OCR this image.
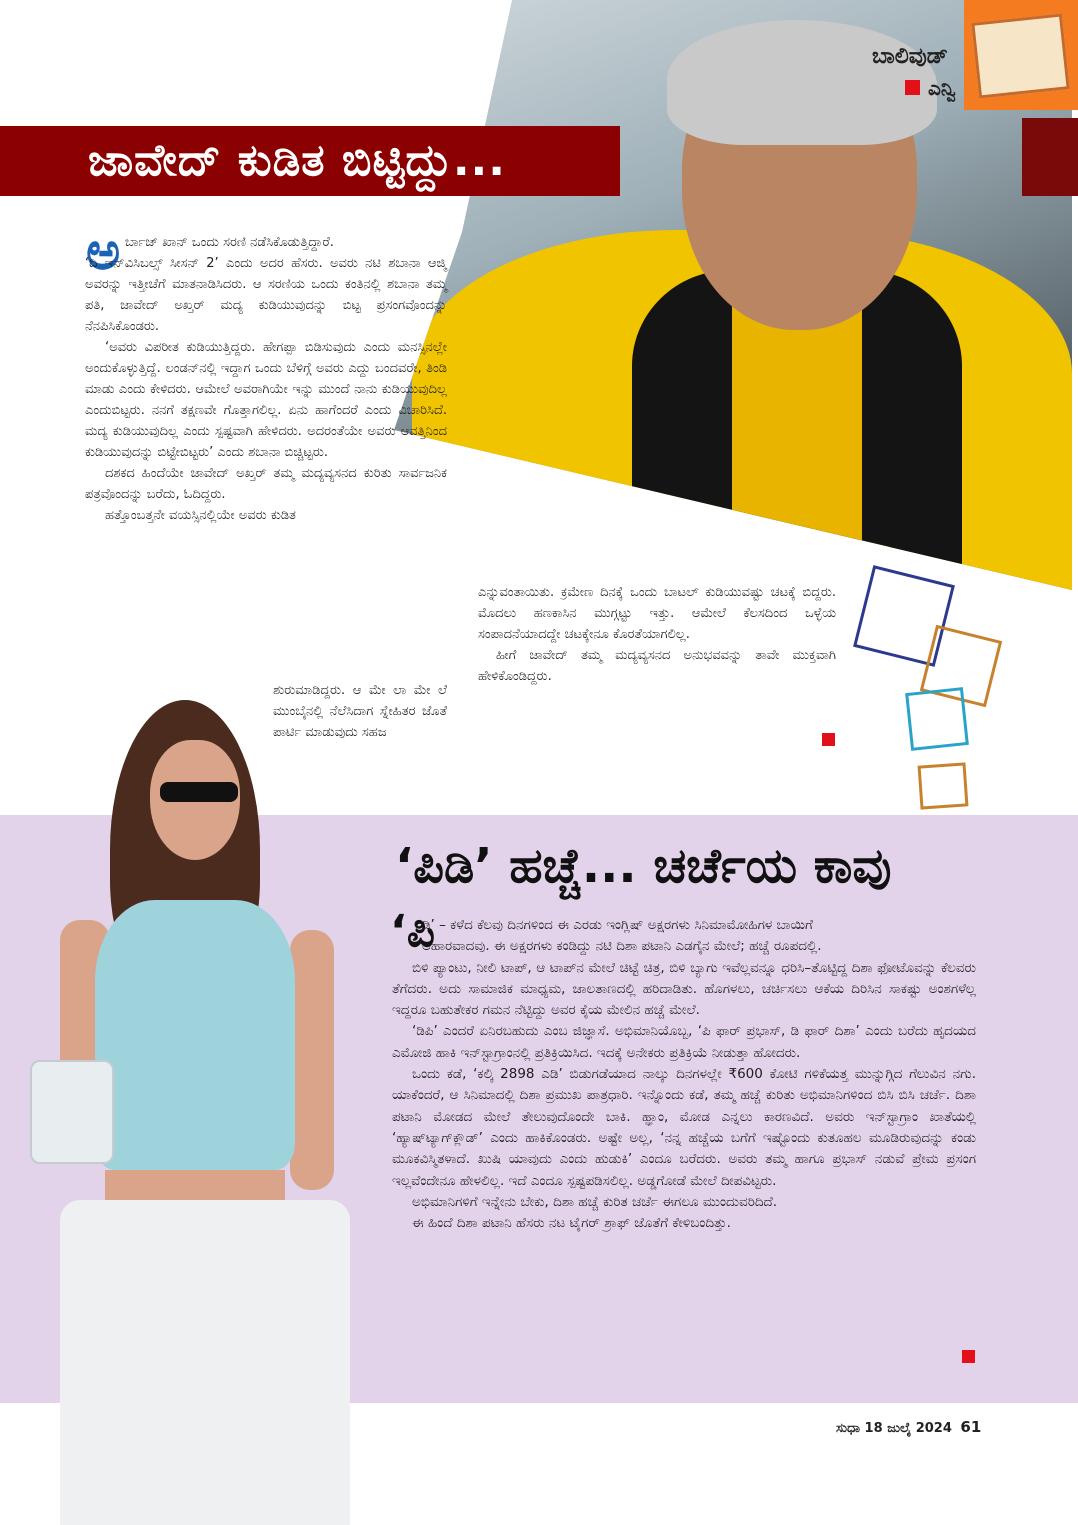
ಬಾಲಿವುಡ್
ಎನ್ವಿ
ಜಾವೇದ್ ಕುಡಿತ ಬಿಟ್ಟಿದ್ದು...
ಅ ರ್ಬಾಜ್ ಖಾನ್ ಒಂದು ಸರಣಿ ನಡೆಸಿಕೊಡುತ್ತಿದ್ದಾರೆ.
‘ದಿ ಇನ್‌ವಿಸಿಬಲ್ಸ್ ಸೀಸನ್ 2’ ಎಂದು ಅದರ ಹೆಸರು. ಅವರು ನಟಿ ಶಬಾನಾ ಆಜ್ಮಿ ಅವರನ್ನು ಇತ್ತೀಚೆಗೆ ಮಾತನಾಡಿಸಿದರು. ಆ ಸರಣಿಯ ಒಂದು ಕಂತಿನಲ್ಲಿ ಶಬಾನಾ ತಮ್ಮ ಪತಿ, ಜಾವೇದ್ ಅಖ್ತರ್ ಮದ್ಯ ಕುಡಿಯುವುದನ್ನು ಬಿಟ್ಟ ಪ್ರಸಂಗವೊಂದನ್ನು ನೆನಪಿಸಿಕೊಂಡರು.

‘ಅವರು ವಿಪರೀತ ಕುಡಿಯುತ್ತಿದ್ದರು. ಹೇಗಪ್ಪಾ ಬಿಡಿಸುವುದು ಎಂದು ಮನಸ್ಸಿನಲ್ಲೇ ಅಂದುಕೊಳ್ಳುತ್ತಿದ್ದೆ. ಲಂಡನ್‌ನಲ್ಲಿ ಇದ್ದಾಗ ಒಂದು ಬೆಳಿಗ್ಗೆ ಅವರು ಎದ್ದು ಬಂದವರೇ, ತಿಂಡಿ ಮಾಡು ಎಂದು ಕೇಳಿದರು. ಆಮೇಲೆ ಅವರಾಗಿಯೇ ಇನ್ನು ಮುಂದೆ ನಾನು ಕುಡಿಯುವುದಿಲ್ಲ ಎಂದುಬಿಟ್ಟರು. ನನಗೆ ತಕ್ಷಣವೇ ಗೊತ್ತಾಗಲಿಲ್ಲ. ಏನು ಹಾಗೆಂದರೆ ಎಂದು ವಿಚಾರಿಸಿದೆ. ಮದ್ಯ ಕುಡಿಯುವುದಿಲ್ಲ ಎಂದು ಸ್ಪಷ್ಟವಾಗಿ ಹೇಳಿದರು. ಅದರಂತೆಯೇ ಅವರು ಆವತ್ತಿನಿಂದ ಕುಡಿಯುವುದನ್ನು ಬಿಟ್ಟೇಬಿಟ್ಟರು’ ಎಂದು ಶಬಾನಾ ಬಿಚ್ಚಿಟ್ಟರು.

ದಶಕದ ಹಿಂದೆಯೇ ಜಾವೇದ್ ಅಖ್ತರ್ ತಮ್ಮ ಮದ್ಯವ್ಯಸನದ ಕುರಿತು ಸಾರ್ವಜನಿಕ ಪತ್ರವೊಂದನ್ನು ಬರೆದು, ಓದಿದ್ದರು.

ಹತ್ತೊಂಬತ್ತನೇ ವಯಸ್ಸಿನಲ್ಲಿಯೇ ಅವರು ಕುಡಿತ

ಶುರುಮಾಡಿದ್ದರು. ಆ ಮೇ ಲಾ ಮೇ ಲೆ ಮುಂಬೈನಲ್ಲಿ ನೆಲೆಸಿದಾಗ ಸ್ನೇಹಿತರ ಜೊತೆ ಪಾರ್ಟಿ ಮಾಡುವುದು ಸಹಜ

ಎನ್ನುವಂತಾಯಿತು. ಕ್ರಮೇಣ ದಿನಕ್ಕೆ ಒಂದು ಬಾಟಲ್ ಕುಡಿಯುವಷ್ಟು ಚಟಕ್ಕೆ ಬಿದ್ದರು. ಮೊದಲು ಹಣಕಾಸಿನ ಮುಗ್ಗಟ್ಟು ಇತ್ತು. ಆಮೇಲೆ ಕೆಲಸದಿಂದ ಒಳ್ಳೆಯ ಸಂಪಾದನೆಯಾದದ್ದೇ ಚಟಕ್ಕೇನೂ ಕೊರತೆಯಾಗಲಿಲ್ಲ.

ಹೀಗೆ ಜಾವೇದ್ ತಮ್ಮ ಮದ್ಯವ್ಯಸನದ ಅನುಭವವನ್ನು ತಾವೇ ಮುಕ್ತವಾಗಿ ಹೇಳಿಕೊಂಡಿದ್ದರು.

‘ಪಿಡಿ’ ಹಚ್ಚೆ... ಚರ್ಚೆಯ ಕಾವು
‘ಪಿ

ಡಿ’ – ಕಳೆದ ಕೆಲವು ದಿನಗಳಿಂದ ಈ ಎರಡು ಇಂಗ್ಲಿಷ್ ಅಕ್ಷರಗಳು ಸಿನಿಮಾಮೋಹಿಗಳ ಬಾಯಿಗೆ
ಆಹಾರವಾದವು. ಈ ಅಕ್ಷರಗಳು ಕಂಡಿದ್ದು ನಟಿ ದಿಶಾ ಪಟಾನಿ ಎಡಗೈನ ಮೇಲೆ; ಹಚ್ಚೆ ರೂಪದಲ್ಲಿ.

ಬಿಳಿ ಪ್ಯಾಂಟು, ನೀಲಿ ಟಾಪ್, ಆ ಟಾಪ್‌ನ ಮೇಲೆ ಚಿಟ್ಟೆ ಚಿತ್ರ, ಬಿಳಿ ಬ್ಯಾಗು ಇವೆಲ್ಲವನ್ನೂ ಧರಿಸಿ–ತೊಟ್ಟಿದ್ದ ದಿಶಾ ಫೋಟೊವನ್ನು ಕೆಲವರು ತೆಗೆದರು. ಅದು ಸಾಮಾಜಿಕ ಮಾಧ್ಯಮ, ಜಾಲತಾಣದಲ್ಲಿ ಹರಿದಾಡಿತು. ಹೊಗಳಲು, ಚರ್ಚಿಸಲು ಆಕೆಯ ದಿರಿಸಿನ ಸಾಕಷ್ಟು ಅಂಶಗಳೆಲ್ಲ ಇದ್ದರೂ ಬಹುತೇಕರ ಗಮನ ನೆಟ್ಟಿದ್ದು ಅವರ ಕೈಯ ಮೇಲಿನ ಹಚ್ಚೆ ಮೇಲೆ.

‘ಡಿಪಿ’ ಎಂದರೆ ಏನಿರಬಹುದು ಎಂಬ ಜಿಜ್ಞಾಸೆ. ಅಭಿಮಾನಿಯೊಬ್ಬ, ‘ಪಿ ಫಾರ್ ಪ್ರಭಾಸ್, ಡಿ ಫಾರ್ ದಿಶಾ’ ಎಂದು ಬರೆದು ಹೃದಯದ ಎಮೋಜಿ ಹಾಕಿ ಇನ್‌ಸ್ಟಾಗ್ರಾಂನಲ್ಲಿ ಪ್ರತಿಕ್ರಿಯಿಸಿದ. ಇದಕ್ಕೆ ಅನೇಕರು ಪ್ರತಿಕ್ರಿಯೆ ನೀಡುತ್ತಾ ಹೋದರು.

ಒಂದು ಕಡೆ, ‘ಕಲ್ಕಿ 2898 ಎಡಿ’ ಬಿಡುಗಡೆಯಾದ ನಾಲ್ಕು ದಿನಗಳಲ್ಲೇ ₹600 ಕೋಟಿ ಗಳಿಕೆಯತ್ತ ಮುನ್ನುಗ್ಗಿದ ಗೆಲುವಿನ ನಗು. ಯಾಕೆಂದರೆ, ಆ ಸಿನಿಮಾದಲ್ಲಿ ದಿಶಾ ಪ್ರಮುಖ ಪಾತ್ರಧಾರಿ. ಇನ್ನೊಂದು ಕಡೆ, ತಮ್ಮ ಹಚ್ಚೆ ಕುರಿತು ಅಭಿಮಾನಿಗಳಿಂದ ಬಿಸಿ ಬಿಸಿ ಚರ್ಚೆ. ದಿಶಾ ಪಟಾನಿ ಮೋಡದ ಮೇಲೆ ತೇಲುವುದೊಂದೇ ಬಾಕಿ. ಹ್ಞಾಂ, ಮೋಡ ಎನ್ನಲು ಕಾರಣವಿದೆ. ಅವರು ಇನ್‌ಸ್ಟಾಗ್ರಾಂ ಖಾತೆಯಲ್ಲಿ ‘ಹ್ಯಾಷ್‌ಟ್ಯಾಗ್‌ಕ್ಲೌಡ್’ ಎಂದು ಹಾಕಿಕೊಂಡರು. ಅಷ್ಟೇ ಅಲ್ಲ, ‘ನನ್ನ ಹಚ್ಚೆಯ ಬಗೆಗೆ ಇಷ್ಟೊಂದು ಕುತೂಹಲ ಮೂಡಿರುವುದನ್ನು ಕಂಡು ಮೂಕವಿಸ್ಮಿತಳಾದೆ. ಖುಷಿ ಯಾವುದು ಎಂದು ಹುಡುಕಿ’ ಎಂದೂ ಬರೆದರು. ಅವರು ತಮ್ಮ ಹಾಗೂ ಪ್ರಭಾಸ್ ನಡುವೆ ಪ್ರೇಮ ಪ್ರಸಂಗ ಇಲ್ಲವೆಂದೇನೂ ಹೇಳಲಿಲ್ಲ. ಇದೆ ಎಂದೂ ಸ್ಪಷ್ಟಪಡಿಸಲಿಲ್ಲ. ಅಡ್ಡಗೋಡೆ ಮೇಲೆ ದೀಪವಿಟ್ಟರು.

ಅಭಿಮಾನಿಗಳಿಗೆ ಇನ್ನೇನು ಬೇಕು, ದಿಶಾ ಹಚ್ಚೆ ಕುರಿತ ಚರ್ಚೆ ಈಗಲೂ ಮುಂದುವರಿದಿದೆ.

ಈ ಹಿಂದೆ ದಿಶಾ ಪಟಾನಿ ಹೆಸರು ನಟ ಟೈಗರ್ ಶ್ರಾಫ್ ಜೊತೆಗೆ ಕೇಳಿಬಂದಿತ್ತು.

ಸುಧಾ 18 ಜುಲೈ 2024 61
